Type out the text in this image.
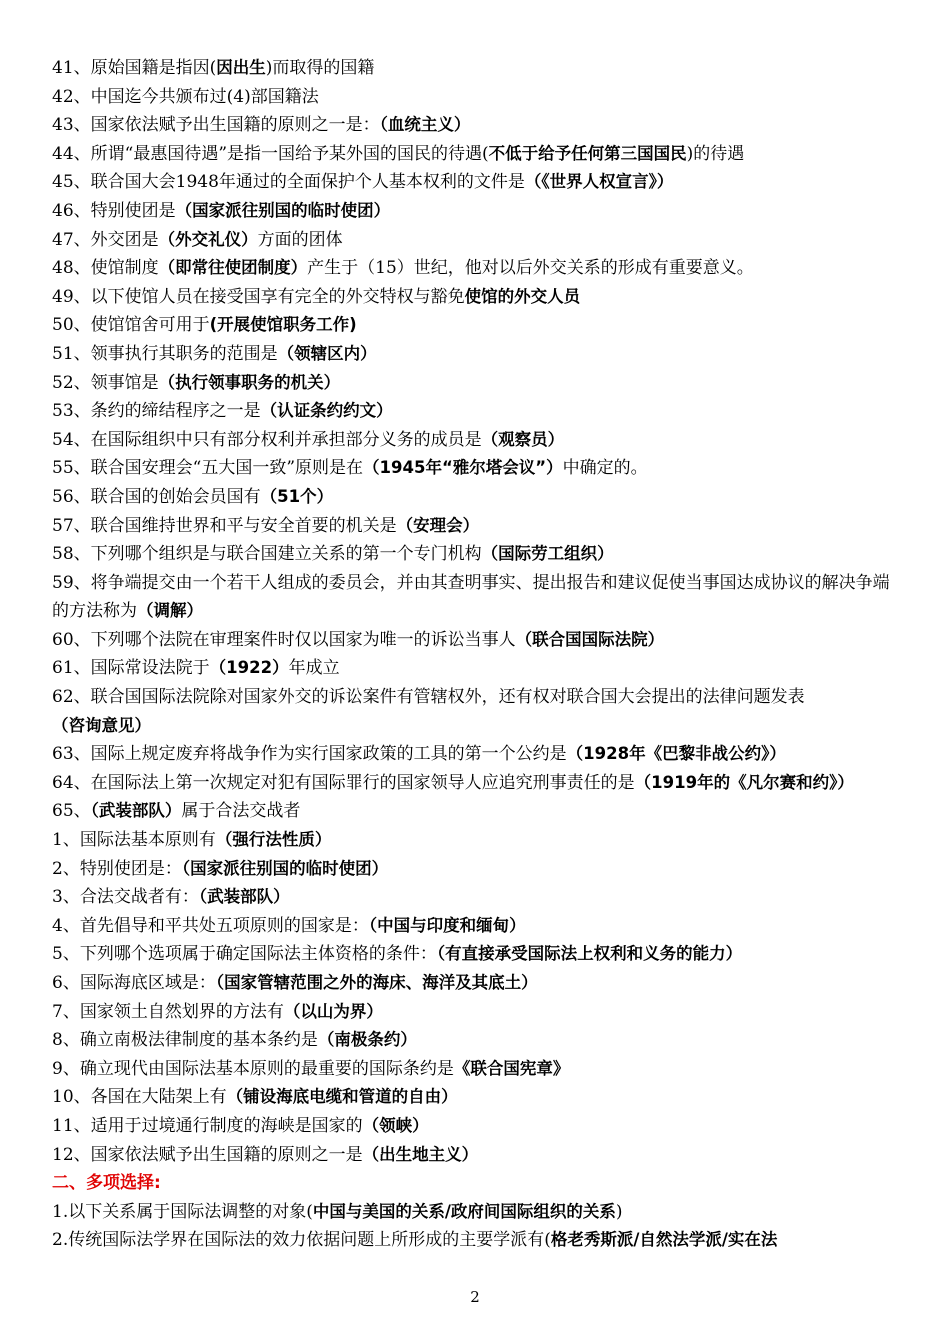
41、原始国籍是指因(因出生)而取得的国籍
42、中国迄今共颁布过(4)部国籍法
43、国家依法赋予出生国籍的原则之一是：（血统主义）
44、所谓“最惠国待遇”是指一国给予某外国的国民的待遇(不低于给予任何第三国国民)的待遇
45、联合国大会1948年通过的全面保护个人基本权利的文件是（《世界人权宣言》）
46、特别使团是（国家派往别国的临时使团）
47、外交团是（外交礼仪）方面的团体
48、使馆制度（即常往使团制度）产生于（15）世纪，他对以后外交关系的形成有重要意义。
49、以下使馆人员在接受国享有完全的外交特权与豁免使馆的外交人员
50、使馆馆舍可用于(开展使馆职务工作)
51、领事执行其职务的范围是（领辖区内）
52、领事馆是（执行领事职务的机关）
53、条约的缔结程序之一是（认证条约约文）
54、在国际组织中只有部分权利并承担部分义务的成员是（观察员）
55、联合国安理会“五大国一致”原则是在（1945年“雅尔塔会议”）中确定的。
56、联合国的创始会员国有（51个）
57、联合国维持世界和平与安全首要的机关是（安理会）
58、下列哪个组织是与联合国建立关系的第一个专门机构（国际劳工组织）
59、将争端提交由一个若干人组成的委员会，并由其查明事实、提出报告和建议促使当事国达成协议的解决争端的方法称为（调解）
60、下列哪个法院在审理案件时仅以国家为唯一的诉讼当事人（联合国国际法院）
61、国际常设法院于（1922）年成立
62、联合国国际法院除对国家外交的诉讼案件有管辖权外，还有权对联合国大会提出的法律问题发表（咨询意见）
63、国际上规定废弃将战争作为实行国家政策的工具的第一个公约是（1928年《巴黎非战公约》）
64、在国际法上第一次规定对犯有国际罪行的国家领导人应追究刑事责任的是（1919年的《凡尔赛和约》）
65、（武装部队）属于合法交战者
1、国际法基本原则有（强行法性质）
2、特别使团是：（国家派往别国的临时使团）
3、合法交战者有：（武装部队）
4、首先倡导和平共处五项原则的国家是：（中国与印度和缅甸）
5、下列哪个选项属于确定国际法主体资格的条件：（有直接承受国际法上权利和义务的能力）
6、国际海底区域是：（国家管辖范围之外的海床、海洋及其底土）
7、国家领土自然划界的方法有（以山为界）
8、确立南极法律制度的基本条约是（南极条约）
9、确立现代由国际法基本原则的最重要的国际条约是《联合国宪章》
10、各国在大陆架上有（铺设海底电缆和管道的自由）
11、适用于过境通行制度的海峡是国家的（领峡）
12、国家依法赋予出生国籍的原则之一是（出生地主义）
二、多项选择:
1.以下关系属于国际法调整的对象(中国与美国的关系/政府间国际组织的关系)
2.传统国际法学界在国际法的效力依据问题上所形成的主要学派有(格老秀斯派/自然法学派/实在法
2
